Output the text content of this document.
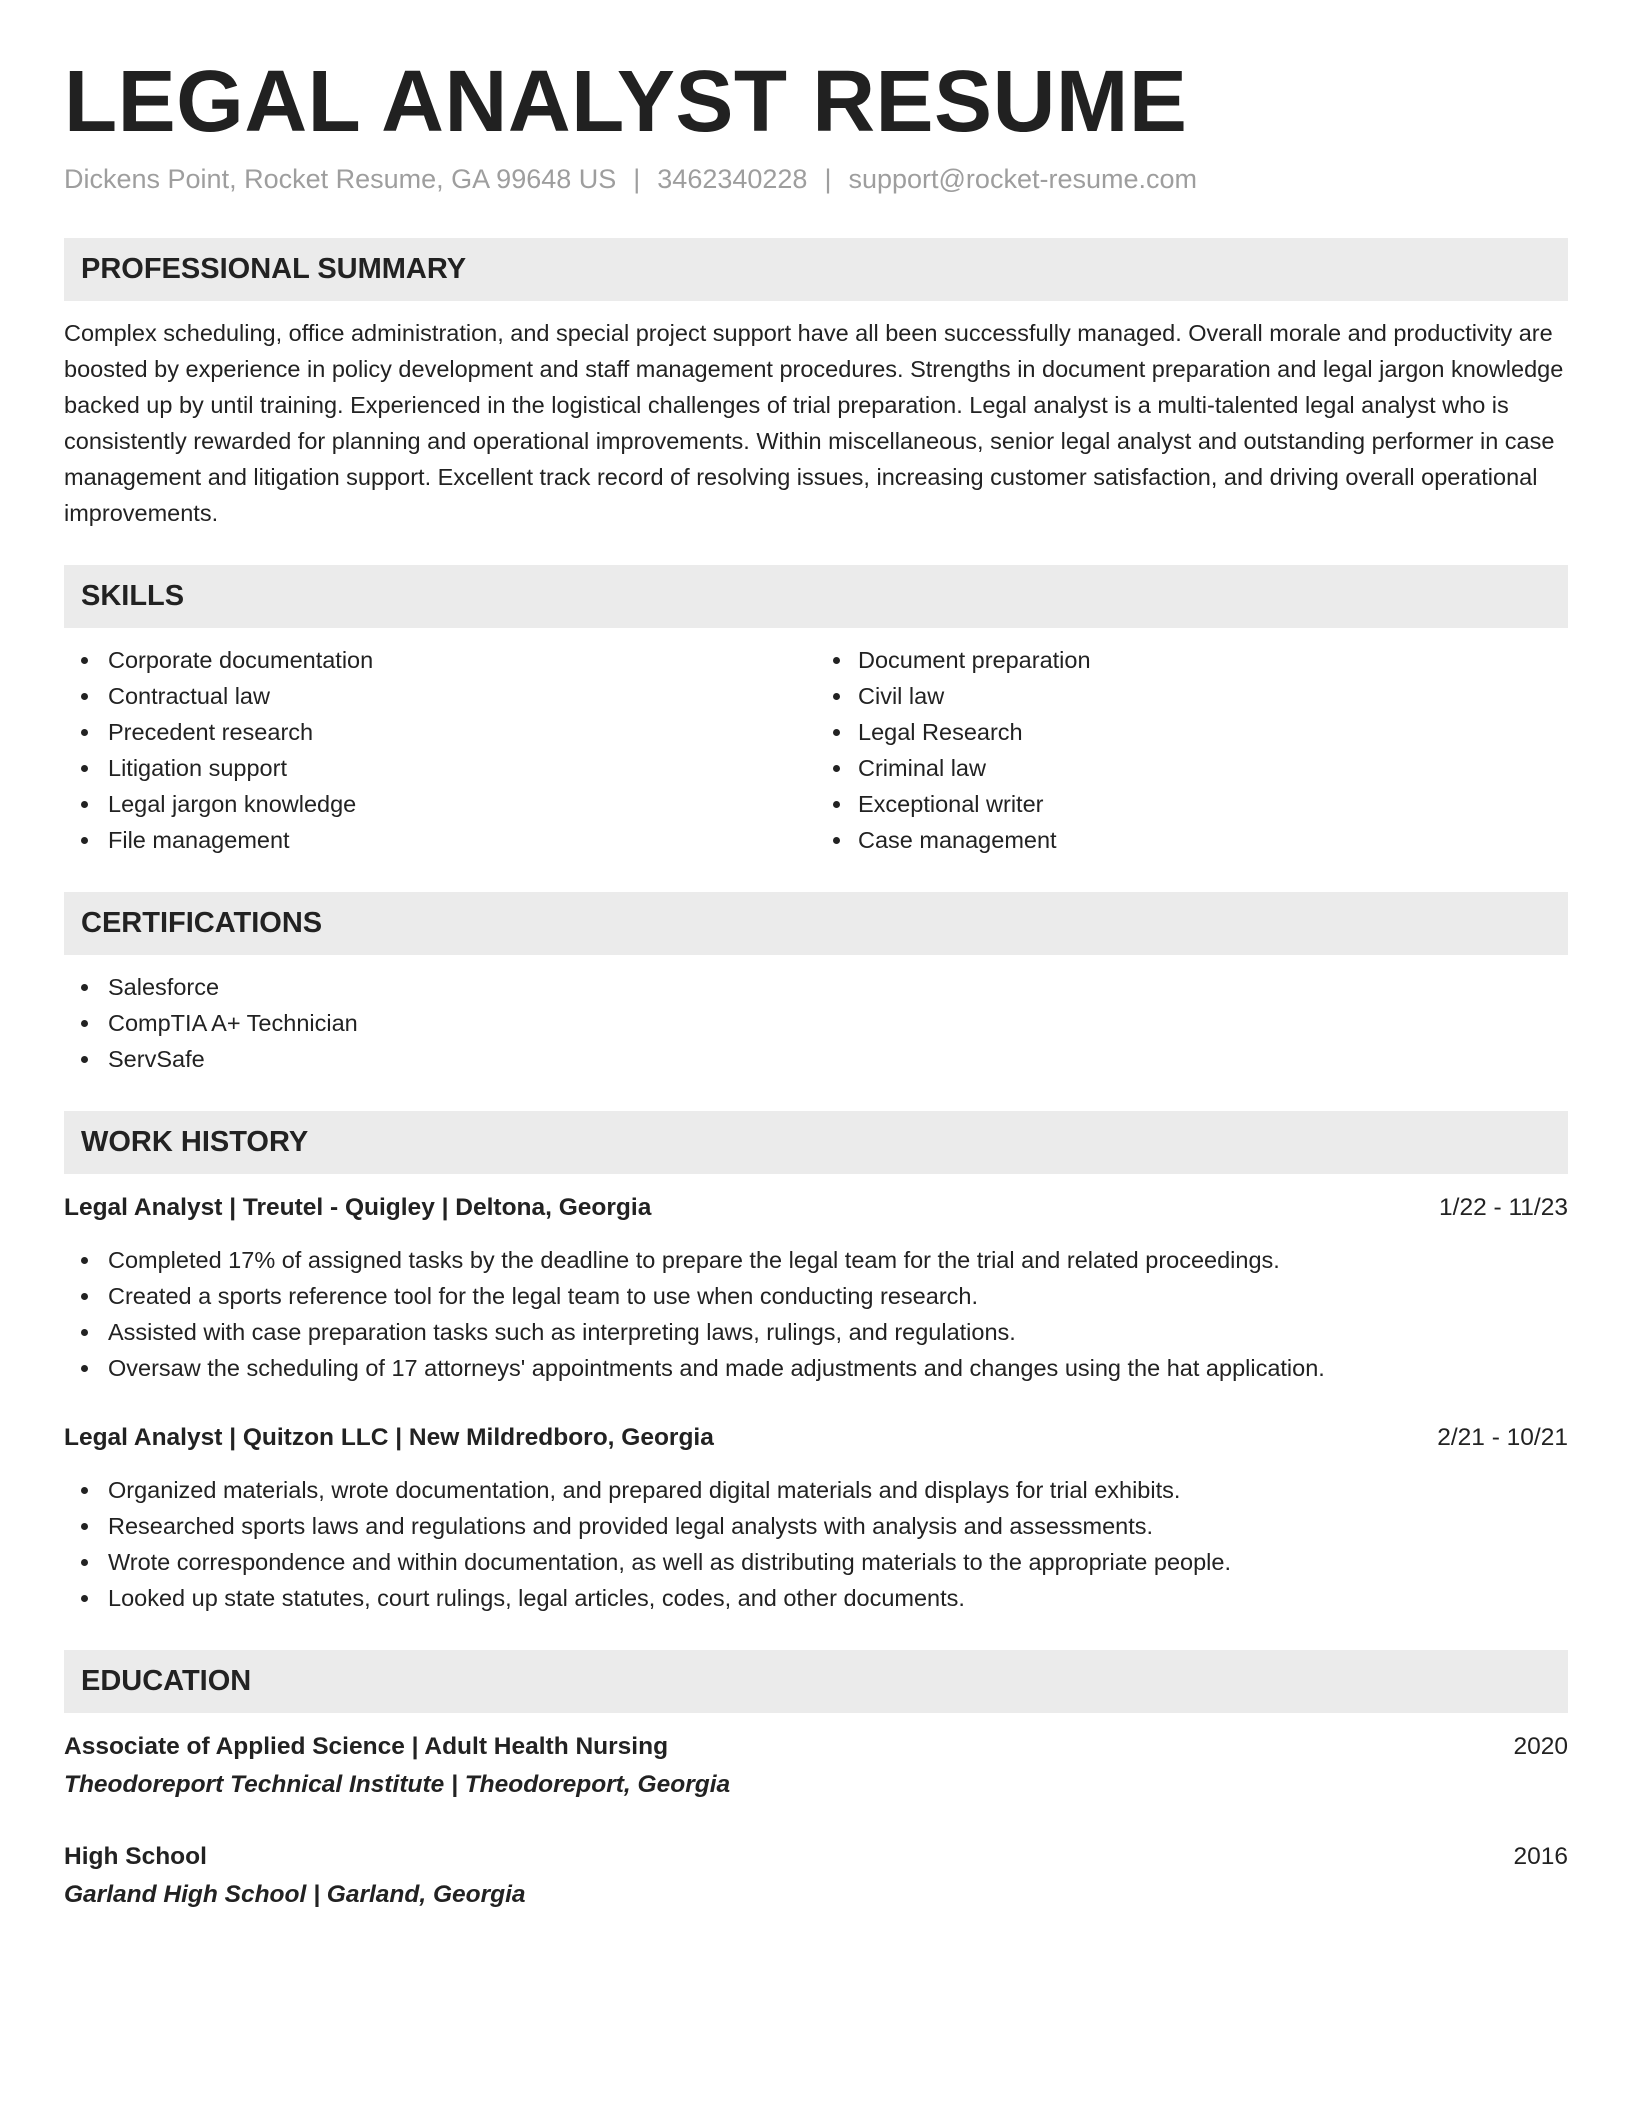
LEGAL ANALYST RESUME
Dickens Point, Rocket Resume, GA 99648 US | 3462340228 | support@rocket-resume.com
PROFESSIONAL SUMMARY

Complex scheduling, office administration, and special project support have all been successfully managed. Overall morale and productivity are boosted by experience in policy development and staff management procedures. Strengths in document preparation and legal jargon knowledge backed up by until training. Experienced in the logistical challenges of trial preparation. Legal analyst is a multi-talented legal analyst who is consistently rewarded for planning and operational improvements. Within miscellaneous, senior legal analyst and outstanding performer in case management and litigation support. Excellent track record of resolving issues, increasing customer satisfaction, and driving overall operational improvements.

SKILLS
Corporate documentation
Contractual law
Precedent research
Litigation support
Legal jargon knowledge
File management
Document preparation
Civil law
Legal Research
Criminal law
Exceptional writer
Case management
CERTIFICATIONS
Salesforce
CompTIA A+ Technician
ServSafe
WORK HISTORY
Legal Analyst | Treutel - Quigley | Deltona, Georgia	1/22 - 11/23
Completed 17% of assigned tasks by the deadline to prepare the legal team for the trial and related proceedings.
Created a sports reference tool for the legal team to use when conducting research.
Assisted with case preparation tasks such as interpreting laws, rulings, and regulations.
Oversaw the scheduling of 17 attorneys' appointments and made adjustments and changes using the hat application.
Legal Analyst | Quitzon LLC | New Mildredboro, Georgia	2/21 - 10/21
Organized materials, wrote documentation, and prepared digital materials and displays for trial exhibits.
Researched sports laws and regulations and provided legal analysts with analysis and assessments.
Wrote correspondence and within documentation, as well as distributing materials to the appropriate people.
Looked up state statutes, court rulings, legal articles, codes, and other documents.
EDUCATION
Associate of Applied Science | Adult Health Nursing	2020
Theodoreport Technical Institute | Theodoreport, Georgia
High School	2016
Garland High School | Garland, Georgia
